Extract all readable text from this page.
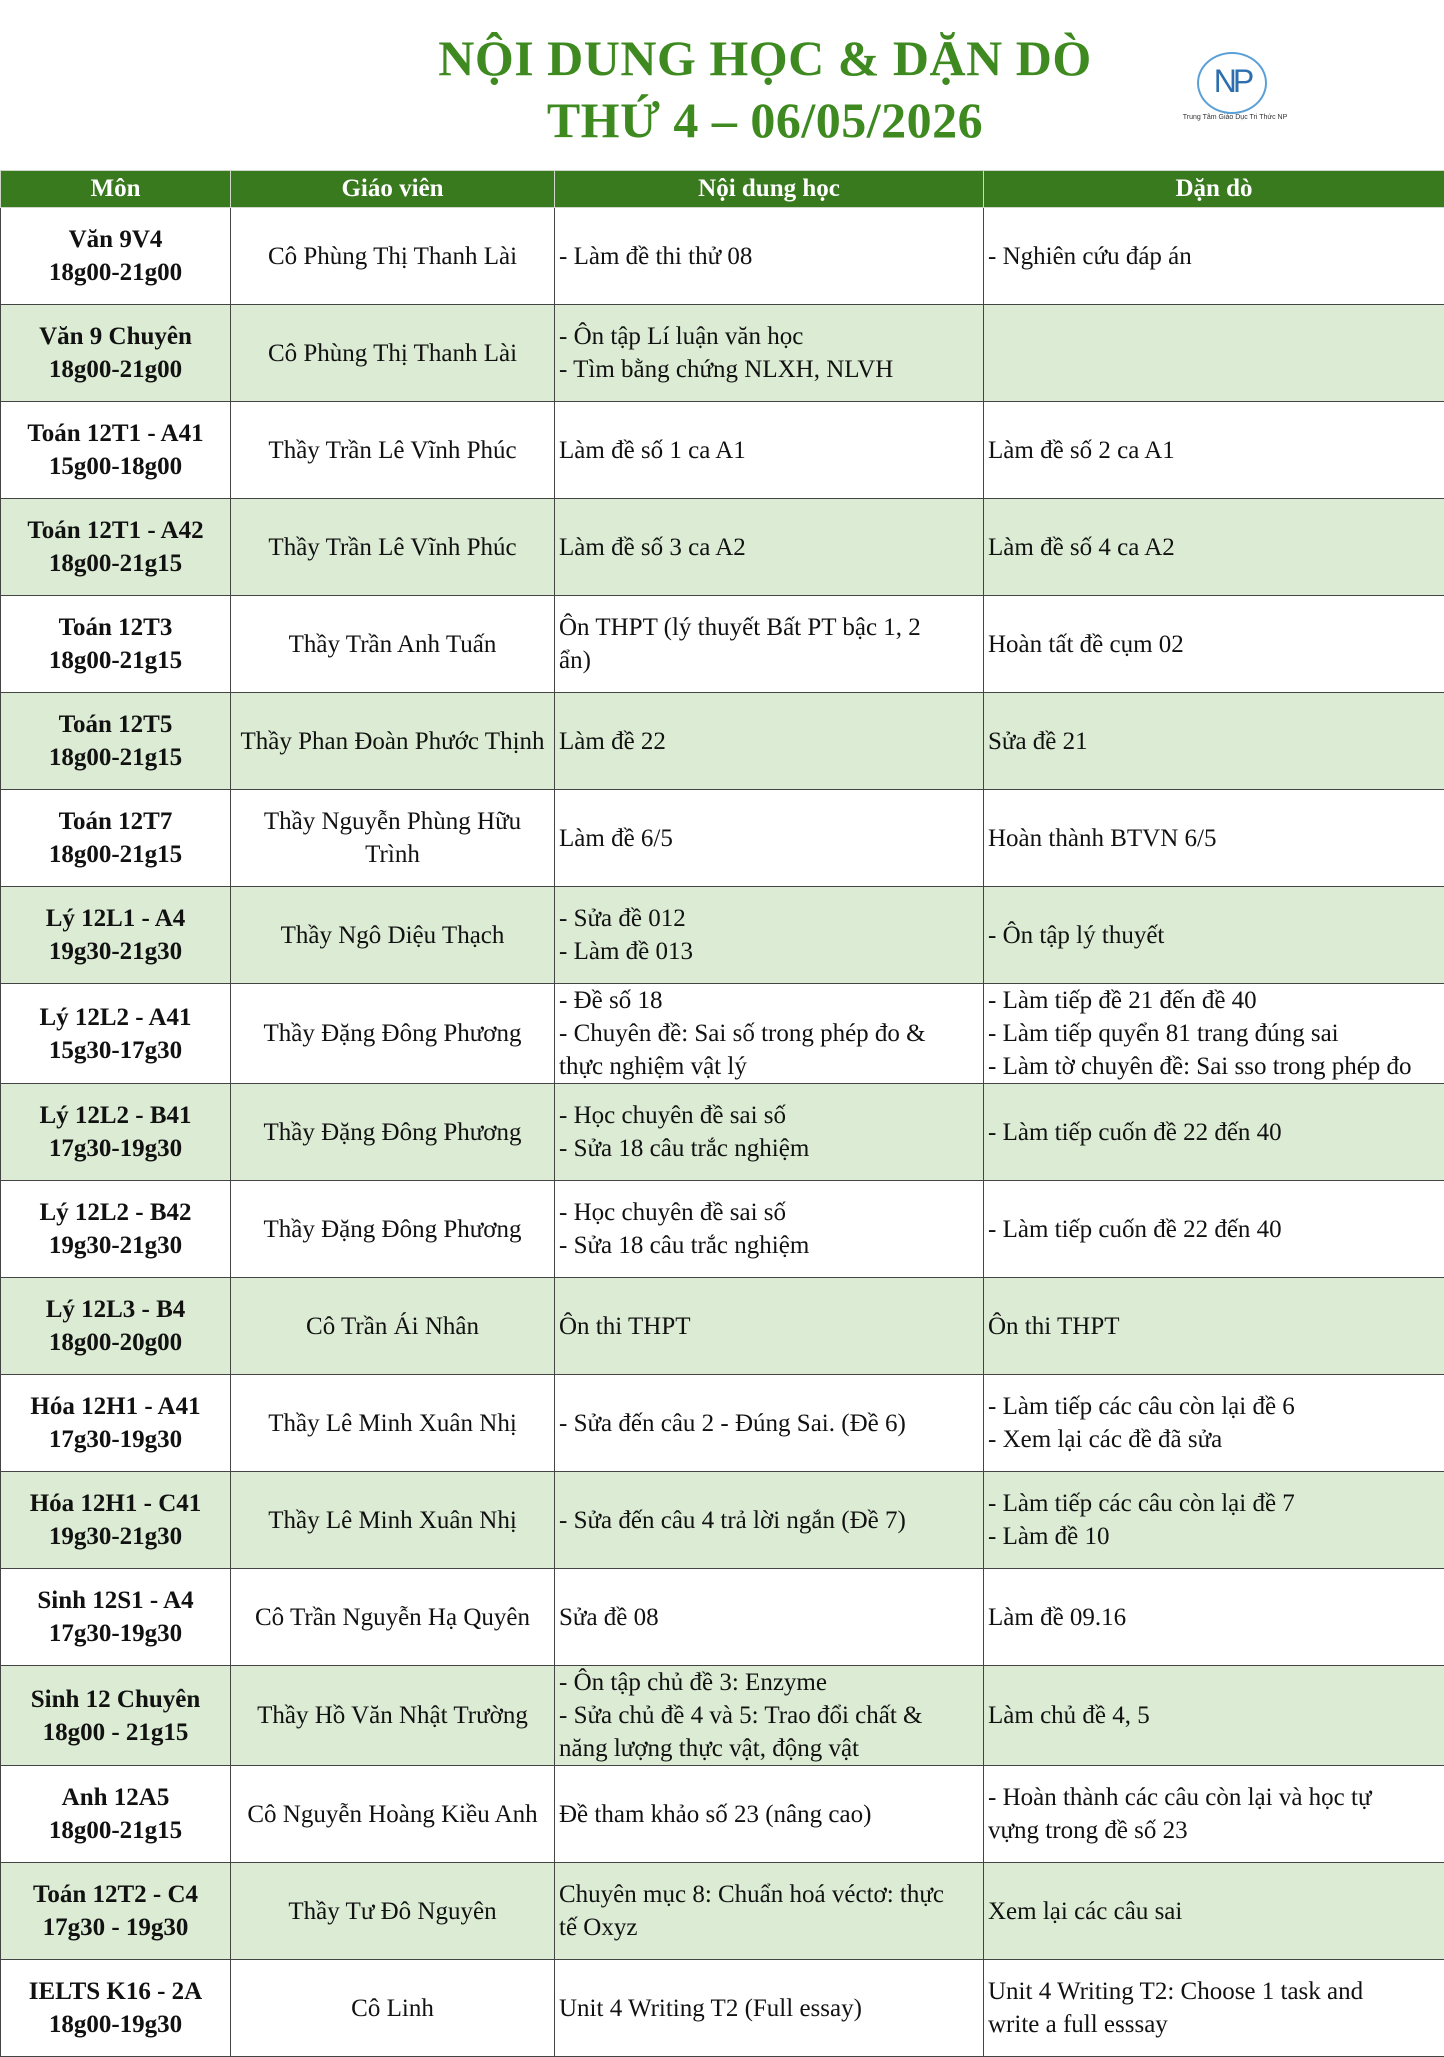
NỘI DUNG HỌC & DẶN DÒ
THỨ 4 – 06/05/2026
NP
Trung Tâm Giáo Dục Tri Thức NP
Môn	Giáo viên	Nội dung học	Dặn dò

Văn 9V4
18g00-21g00	Cô Phùng Thị Thanh Lài	- Làm đề thi thử 08	- Nghiên cứu đáp án

Văn 9 Chuyên
18g00-21g00	Cô Phùng Thị Thanh Lài	- Ôn tập Lí luận văn học
- Tìm bằng chứng NLXH, NLVH	

Toán 12T1 - A41
15g00-18g00	Thầy Trần Lê Vĩnh Phúc	Làm đề số 1 ca A1	Làm đề số 2 ca A1

Toán 12T1 - A42
18g00-21g15	Thầy Trần Lê Vĩnh Phúc	Làm đề số 3 ca A2	Làm đề số 4 ca A2

Toán 12T3
18g00-21g15	Thầy Trần Anh Tuấn	Ôn THPT (lý thuyết Bất PT bậc 1, 2
ẩn)	Hoàn tất đề cụm 02

Toán 12T5
18g00-21g15	Thầy Phan Đoàn Phước Thịnh	Làm đề 22	Sửa đề 21

Toán 12T7
18g00-21g15	Thầy Nguyễn Phùng Hữu Trình	Làm đề 6/5	Hoàn thành BTVN 6/5

Lý 12L1 - A4
19g30-21g30	Thầy Ngô Diệu Thạch	- Sửa đề 012
- Làm đề 013	- Ôn tập lý thuyết

Lý 12L2 - A41
15g30-17g30	Thầy Đặng Đông Phương	- Đề số 18
- Chuyên đề: Sai số trong phép đo &
thực nghiệm vật lý	- Làm tiếp đề 21 đến đề 40
- Làm tiếp quyển 81 trang đúng sai
- Làm tờ chuyên đề: Sai sso trong phép đo

Lý 12L2 - B41
17g30-19g30	Thầy Đặng Đông Phương	- Học chuyên đề sai số
- Sửa 18 câu trắc nghiệm	- Làm tiếp cuốn đề 22 đến 40

Lý 12L2 - B42
19g30-21g30	Thầy Đặng Đông Phương	- Học chuyên đề sai số
- Sửa 18 câu trắc nghiệm	- Làm tiếp cuốn đề 22 đến 40

Lý 12L3 - B4
18g00-20g00	Cô Trần Ái Nhân	Ôn thi THPT	Ôn thi THPT

Hóa 12H1 - A41
17g30-19g30	Thầy Lê Minh Xuân Nhị	- Sửa đến câu 2 - Đúng Sai. (Đề 6)	- Làm tiếp các câu còn lại đề 6
- Xem lại các đề đã sửa

Hóa 12H1 - C41
19g30-21g30	Thầy Lê Minh Xuân Nhị	- Sửa đến câu 4 trả lời ngắn (Đề 7)	- Làm tiếp các câu còn lại đề 7
- Làm đề 10

Sinh 12S1 - A4
17g30-19g30	Cô Trần Nguyễn Hạ Quyên	Sửa đề 08	Làm đề 09.16

Sinh 12 Chuyên
18g00 - 21g15	Thầy Hồ Văn Nhật Trường	- Ôn tập chủ đề 3: Enzyme
- Sửa chủ đề 4 và 5: Trao đổi chất &
năng lượng thực vật, động vật	Làm chủ đề 4, 5

Anh 12A5
18g00-21g15	Cô Nguyễn Hoàng Kiều Anh	Đề tham khảo số 23 (nâng cao)	- Hoàn thành các câu còn lại và học tự
vựng trong đề số 23

Toán 12T2 - C4
17g30 - 19g30	Thầy Tư Đô Nguyên	Chuyên mục 8: Chuẩn hoá véctơ: thực
tế Oxyz	Xem lại các câu sai

IELTS K16 - 2A
18g00-19g30	Cô Linh	Unit 4 Writing T2 (Full essay)	Unit 4 Writing T2: Choose 1 task and
write a full esssay
